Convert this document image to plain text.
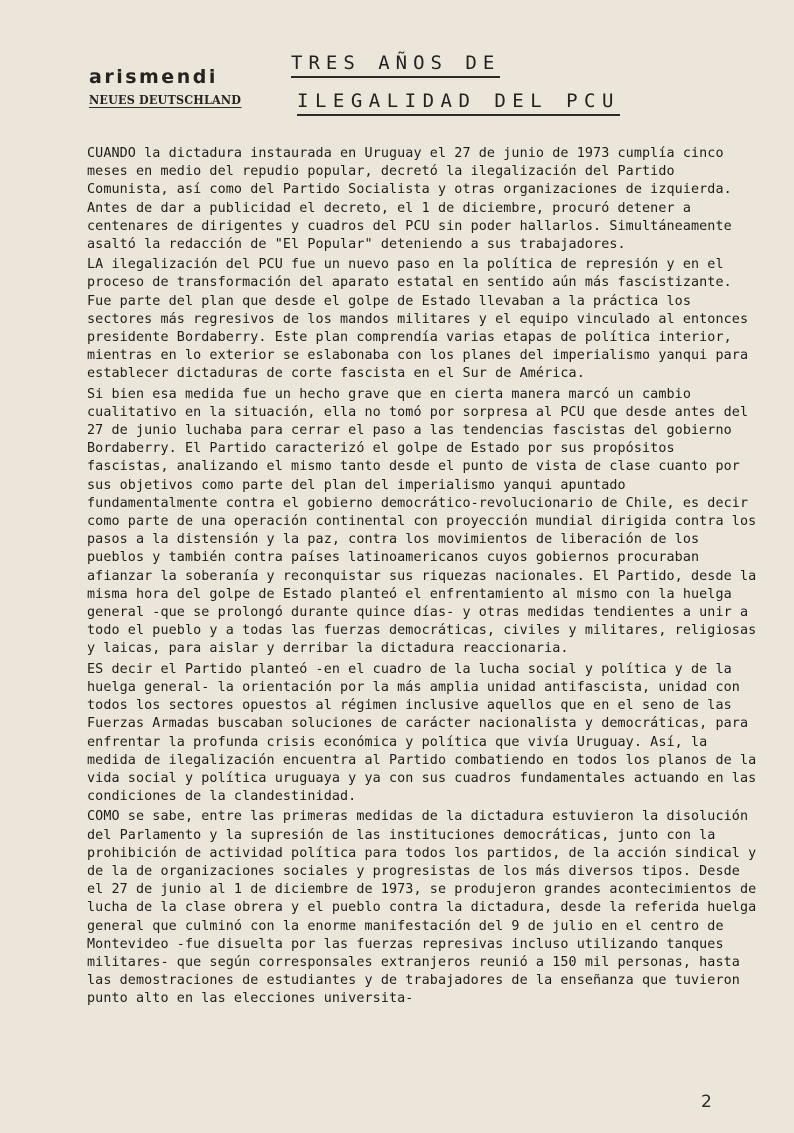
arismendi
NEUES DEUTSCHLAND
TRES AÑOS DE
ILEGALIDAD DEL PCU

CUANDO la dictadura instaurada en Uruguay el 27 de junio de 1973 cumplía cinco meses en medio del repudio popular, decretó la ilegalización del Partido Comunista, así como del Partido Socialista y otras organizaciones de izquierda. Antes de dar a publicidad el decreto, el 1 de diciembre, procuró detener a centenares de dirigentes y cuadros del PCU sin poder hallarlos. Simultáneamente asaltó la redacción de "El Popular" deteniendo a sus trabajadores.

LA ilegalización del PCU fue un nuevo paso en la política de represión y en el proceso de transformación del aparato estatal en sentido aún más fascistizante. Fue parte del plan que desde el golpe de Estado llevaban a la práctica los sectores más regresivos de los mandos militares y el equipo vinculado al entonces presidente Bordaberry. Este plan comprendía varias etapas de política interior, mientras en lo exterior se eslabonaba con los planes del imperialismo yanqui para establecer dictaduras de corte fascista en el Sur de América.

Si bien esa medida fue un hecho grave que en cierta manera marcó un cambio cualitativo en la situación, ella no tomó por sorpresa al PCU que desde antes del 27 de junio luchaba para cerrar el paso a las tendencias fascistas del gobierno Bordaberry. El Partido caracterizó el golpe de Estado por sus propósitos fascistas, analizando el mismo tanto desde el punto de vista de clase cuanto por sus objetivos como parte del plan del imperialismo yanqui apuntado fundamentalmente contra el gobierno democrático-revolucionario de Chile, es decir como parte de una operación continental con proyección mundial dirigida contra los pasos a la distensión y la paz, contra los movimientos de liberación de los pueblos y también contra países latinoamericanos cuyos gobiernos procuraban afianzar la soberanía y reconquistar sus riquezas nacionales. El Partido, desde la misma hora del golpe de Estado planteó el enfrentamiento al mismo con la huelga general -que se prolongó durante quince días- y otras medidas tendientes a unir a todo el pueblo y a todas las fuerzas democráticas, civiles y militares, religiosas y laicas, para aislar y derribar la dictadura reaccionaria.

ES decir el Partido planteó -en el cuadro de la lucha social y política y de la huelga general- la orientación por la más amplia unidad antifascista, unidad con todos los sectores opuestos al régimen inclusive aquellos que en el seno de las Fuerzas Armadas buscaban soluciones de carácter nacionalista y democráticas, para enfrentar la profunda crisis económica y política que vivía Uruguay. Así, la medida de ilegalización encuentra al Partido combatiendo en todos los planos de la vida social y política uruguaya y ya con sus cuadros fundamentales actuando en las condiciones de la clandestinidad.

COMO se sabe, entre las primeras medidas de la dictadura estuvieron la disolución del Parlamento y la supresión de las instituciones democráticas, junto con la prohibición de actividad política para todos los partidos, de la acción sindical y de la de organizaciones sociales y progresistas de los más diversos tipos. Desde el 27 de junio al 1 de diciembre de 1973, se produjeron grandes acontecimientos de lucha de la clase obrera y el pueblo contra la dictadura, desde la referida huelga general que culminó con la enorme manifestación del 9 de julio en el centro de Montevideo -fue disuelta por las fuerzas represivas incluso utilizando tanques militares- que según corresponsales extranjeros reunió a 150 mil personas, hasta las demostraciones de estudiantes y de trabajadores de la enseñanza que tuvieron punto alto en las elecciones universita-

2
